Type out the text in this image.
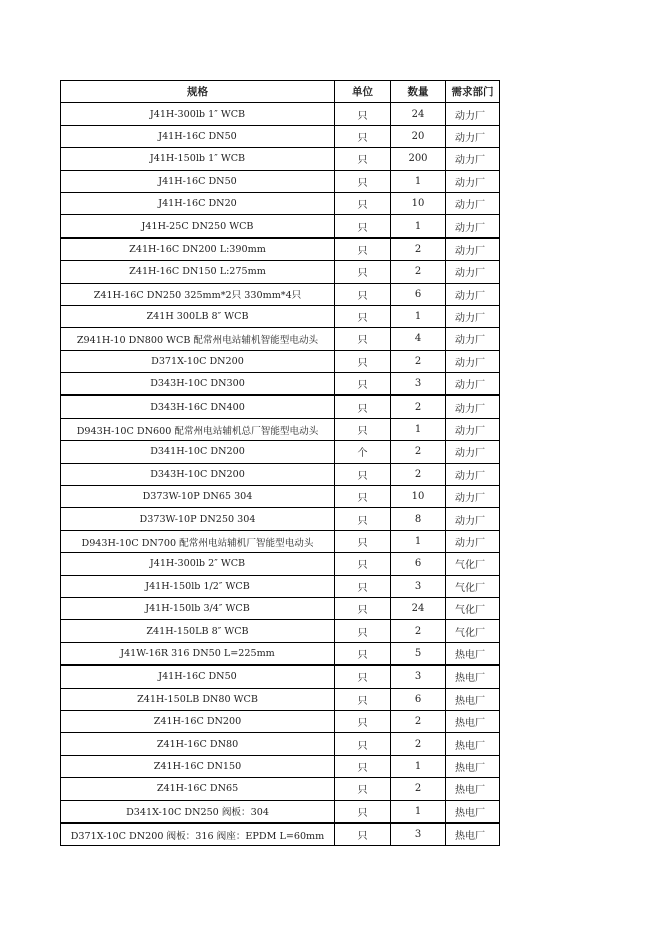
规格	单位	数量	需求部门
J41H-300lb 1″ WCB	只	24	动力厂
J41H-16C DN50	只	20	动力厂
J41H-150lb 1″ WCB	只	200	动力厂
J41H-16C DN50	只	1	动力厂
J41H-16C DN20	只	10	动力厂
J41H-25C DN250 WCB	只	1	动力厂
Z41H-16C DN200 L:390mm	只	2	动力厂
Z41H-16C DN150 L:275mm	只	2	动力厂
Z41H-16C DN250 325mm*2只 330mm*4只	只	6	动力厂
Z41H 300LB 8″ WCB	只	1	动力厂
Z941H-10 DN800 WCB 配常州电站辅机智能型电动头	只	4	动力厂
D371X-10C DN200	只	2	动力厂
D343H-10C DN300	只	3	动力厂
D343H-16C DN400	只	2	动力厂
D943H-10C DN600 配常州电站辅机总厂智能型电动头	只	1	动力厂
D341H-10C DN200	个	2	动力厂
D343H-10C DN200	只	2	动力厂
D373W-10P DN65 304	只	10	动力厂
D373W-10P DN250 304	只	8	动力厂
D943H-10C DN700 配常州电站辅机厂智能型电动头	只	1	动力厂
J41H-300lb 2″ WCB	只	6	气化厂
J41H-150lb 1/2″ WCB	只	3	气化厂
J41H-150lb 3/4″ WCB	只	24	气化厂
Z41H-150LB 8″ WCB	只	2	气化厂
J41W-16R 316 DN50 L=225mm	只	5	热电厂
J41H-16C DN50	只	3	热电厂
Z41H-150LB DN80 WCB	只	6	热电厂
Z41H-16C DN200	只	2	热电厂
Z41H-16C DN80	只	2	热电厂
Z41H-16C DN150	只	1	热电厂
Z41H-16C DN65	只	2	热电厂
D341X-10C DN250 阀板：304	只	1	热电厂
D371X-10C DN200 阀板：316 阀座：EPDM L=60mm	只	3	热电厂
